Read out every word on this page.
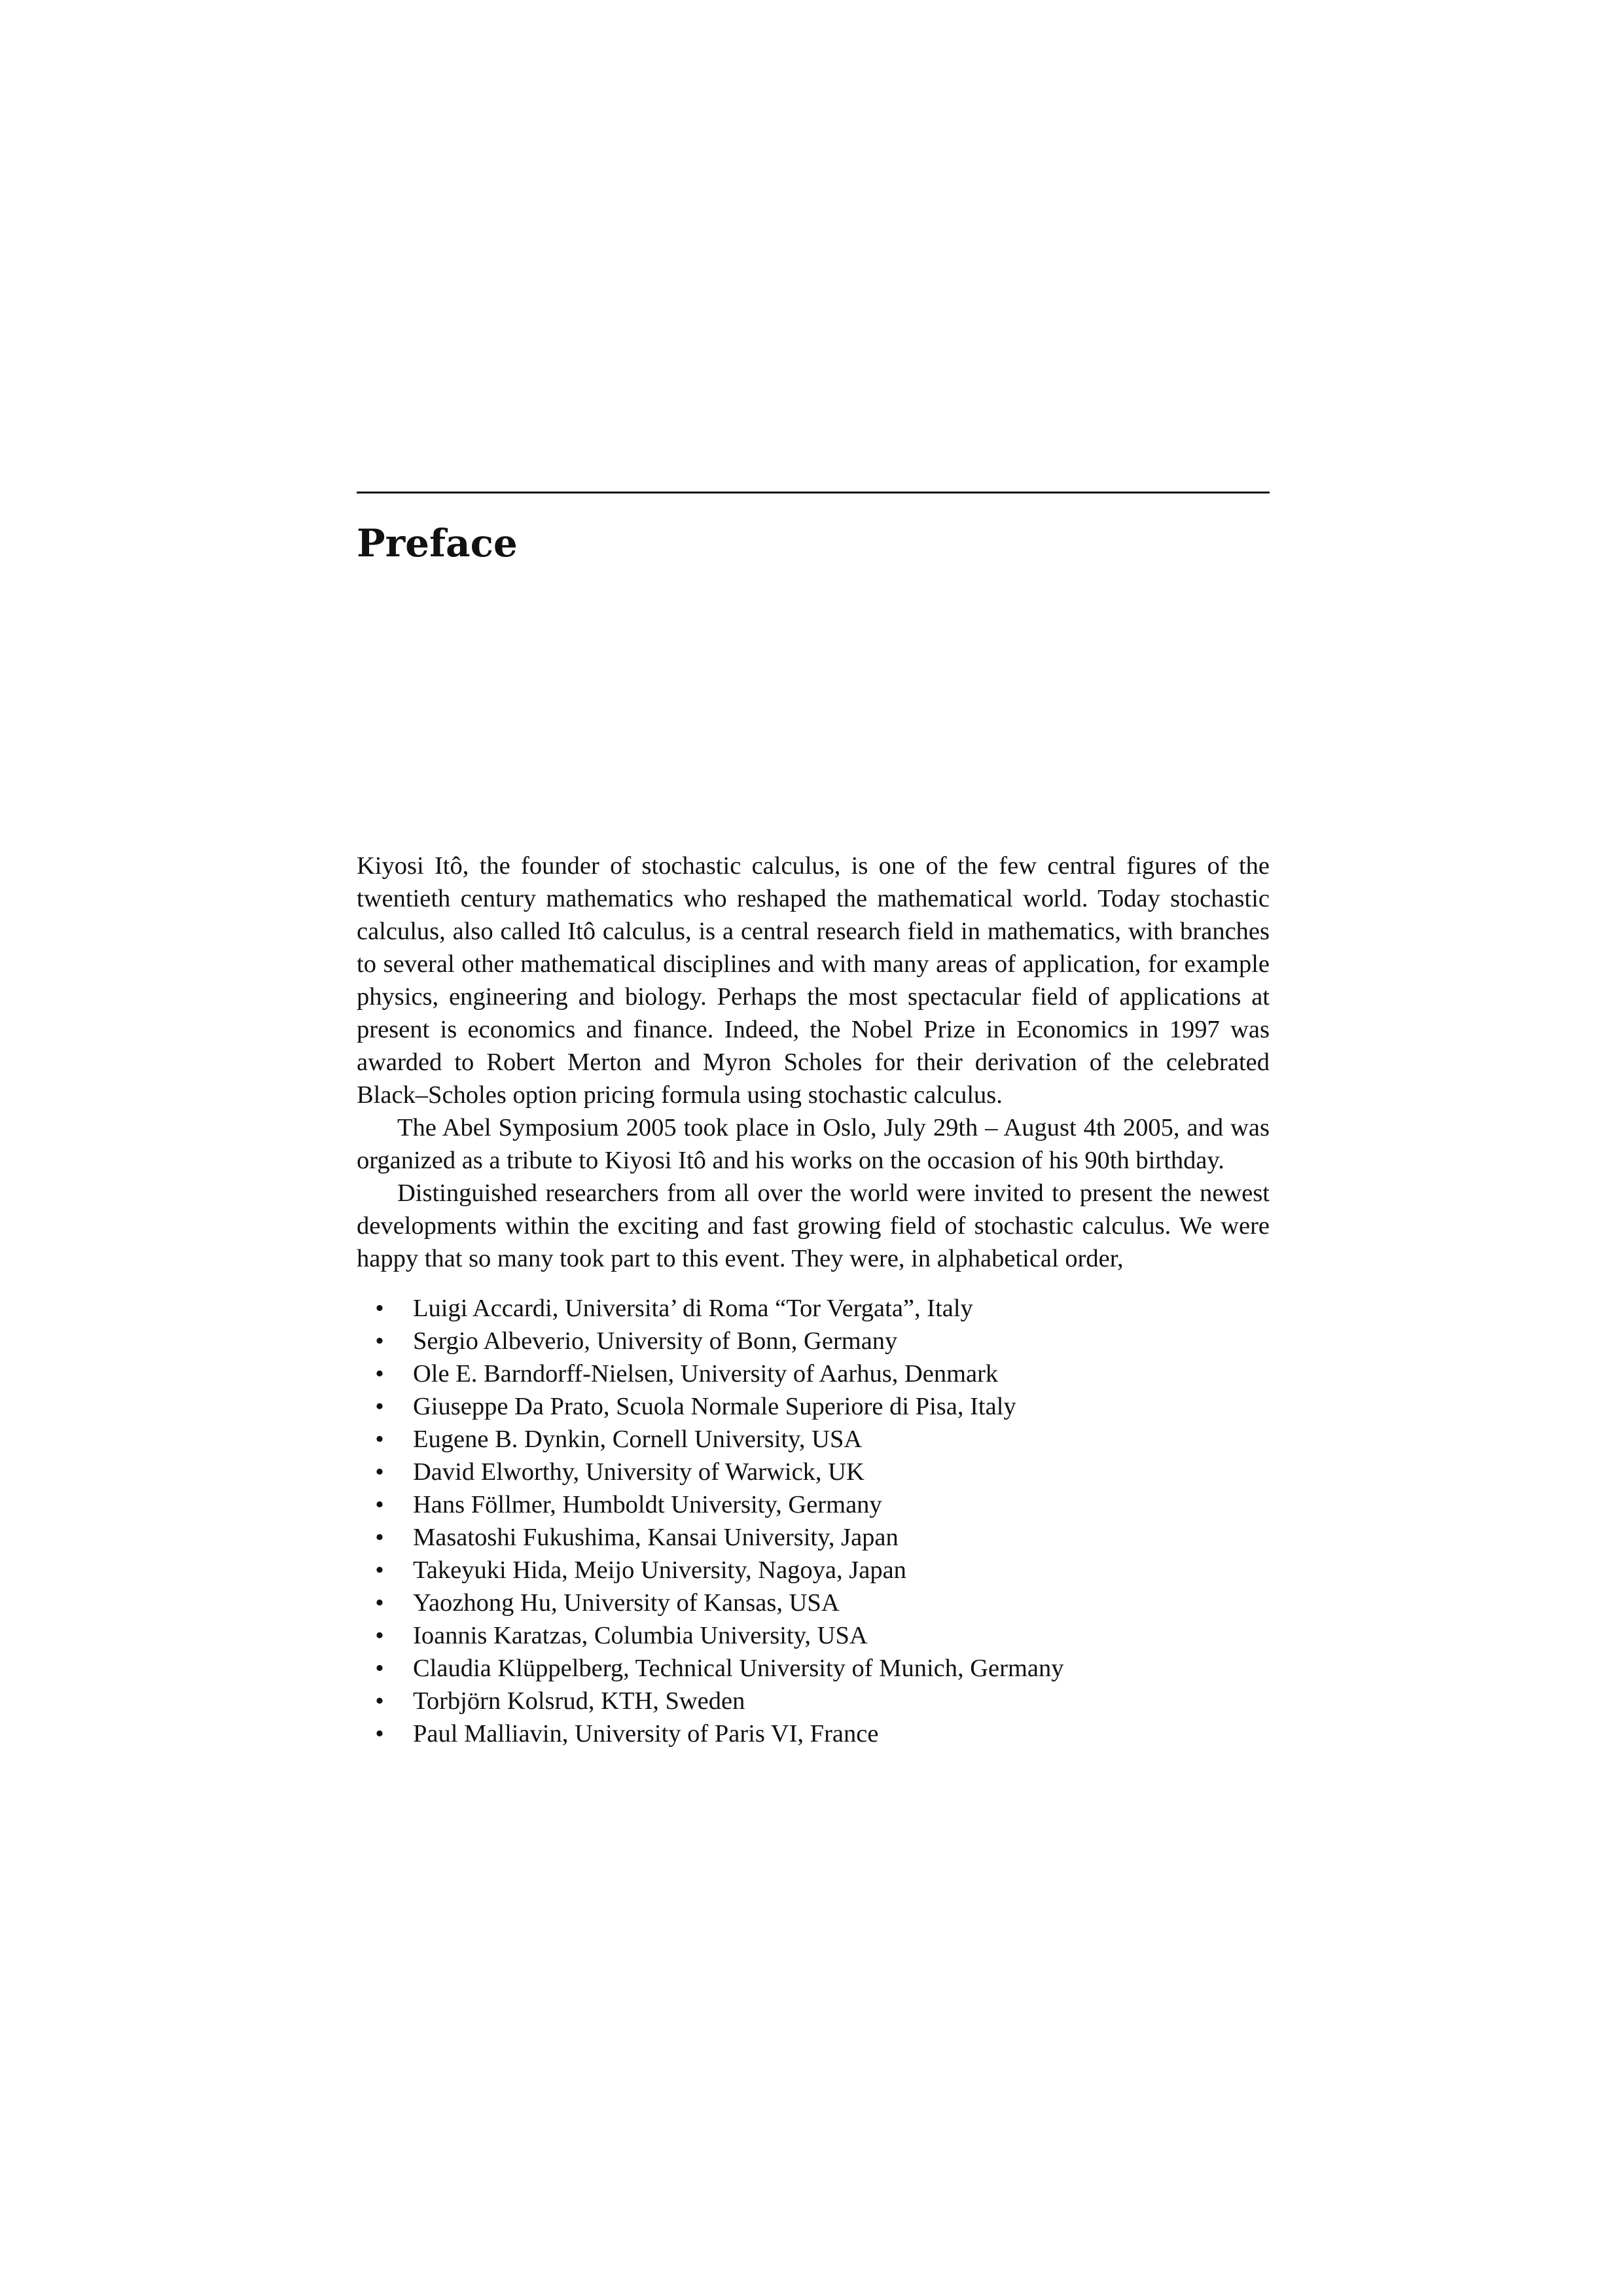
Preface

Kiyosi Itô, the founder of stochastic calculus, is one of the few central figures of the twentieth century mathematics who reshaped the mathematical world. Today stochastic calculus, also called Itô calculus, is a central research field in mathematics, with branches to several other mathematical disciplines and with many areas of application, for example physics, engineering and biology. Perhaps the most spectacular field of applications at present is economics and finance. Indeed, the Nobel Prize in Economics in 1997 was awarded to Robert Merton and Myron Scholes for their derivation of the celebrated Black–Scholes option pricing formula using stochastic calculus.

The Abel Symposium 2005 took place in Oslo, July 29th – August 4th 2005, and was organized as a tribute to Kiyosi Itô and his works on the occasion of his 90th birthday.

Distinguished researchers from all over the world were invited to present the newest developments within the exciting and fast growing field of stochastic calculus. We were happy that so many took part to this event. They were, in alphabetical order,

• Luigi Accardi, Universita’ di Roma “Tor Vergata”, Italy
• Sergio Albeverio, University of Bonn, Germany
• Ole E. Barndorff-Nielsen, University of Aarhus, Denmark
• Giuseppe Da Prato, Scuola Normale Superiore di Pisa, Italy
• Eugene B. Dynkin, Cornell University, USA
• David Elworthy, University of Warwick, UK
• Hans Föllmer, Humboldt University, Germany
• Masatoshi Fukushima, Kansai University, Japan
• Takeyuki Hida, Meijo University, Nagoya, Japan
• Yaozhong Hu, University of Kansas, USA
• Ioannis Karatzas, Columbia University, USA
• Claudia Klüppelberg, Technical University of Munich, Germany
• Torbjörn Kolsrud, KTH, Sweden
• Paul Malliavin, University of Paris VI, France
